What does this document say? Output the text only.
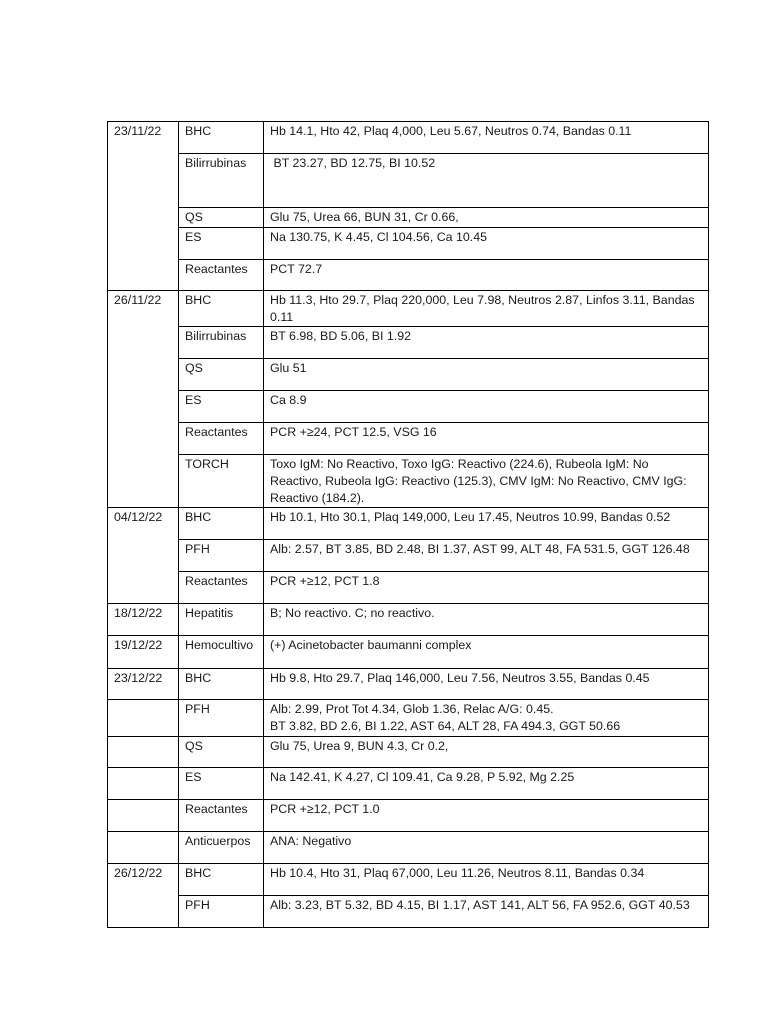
23/11/22	BHC	Hb 14.1, Hto 42, Plaq 4,000, Leu 5.67, Neutros 0.74, Bandas 0.11
	Bilirrubinas	BT 23.27, BD 12.75, BI 10.52
	QS	Glu 75, Urea 66, BUN 31, Cr 0.66,
	ES	Na 130.75, K 4.45, Cl 104.56, Ca 10.45
	Reactantes	PCT 72.7
26/11/22	BHC	Hb 11.3, Hto 29.7, Plaq 220,000, Leu 7.98, Neutros 2.87, Linfos 3.11, Bandas 0.11
	Bilirrubinas	BT 6.98, BD 5.06, BI 1.92
	QS	Glu 51
	ES	Ca 8.9
	Reactantes	PCR +≥24, PCT 12.5, VSG 16
	TORCH	Toxo IgM: No Reactivo, Toxo IgG: Reactivo (224.6), Rubeola IgM: No Reactivo, Rubeola IgG: Reactivo (125.3), CMV IgM: No Reactivo, CMV IgG: Reactivo (184.2).
04/12/22	BHC	Hb 10.1, Hto 30.1, Plaq 149,000, Leu 17.45, Neutros 10.99, Bandas 0.52
	PFH	Alb: 2.57, BT 3.85, BD 2.48, BI 1.37, AST 99, ALT 48, FA 531.5, GGT 126.48
	Reactantes	PCR +≥12, PCT 1.8
18/12/22	Hepatitis	B; No reactivo. C; no reactivo.
19/12/22	Hemocultivo	(+) Acinetobacter baumanni complex
23/12/22	BHC	Hb 9.8, Hto 29.7, Plaq 146,000, Leu 7.56, Neutros 3.55, Bandas 0.45
	PFH	Alb: 2.99, Prot Tot 4.34, Glob 1.36, Relac A/G: 0.45.
BT 3.82, BD 2.6, BI 1.22, AST 64, ALT 28, FA 494.3, GGT 50.66

	QS	Glu 75, Urea 9, BUN 4.3, Cr 0.2,
	ES	Na 142.41, K 4.27, Cl 109.41, Ca 9.28, P 5.92, Mg 2.25
	Reactantes	PCR +≥12, PCT 1.0
	Anticuerpos	ANA: Negativo
26/12/22	BHC	Hb 10.4, Hto 31, Plaq 67,000, Leu 11.26, Neutros 8.11, Bandas 0.34
	PFH	Alb: 3.23, BT 5.32, BD 4.15, BI 1.17, AST 141, ALT 56, FA 952.6, GGT 40.53
